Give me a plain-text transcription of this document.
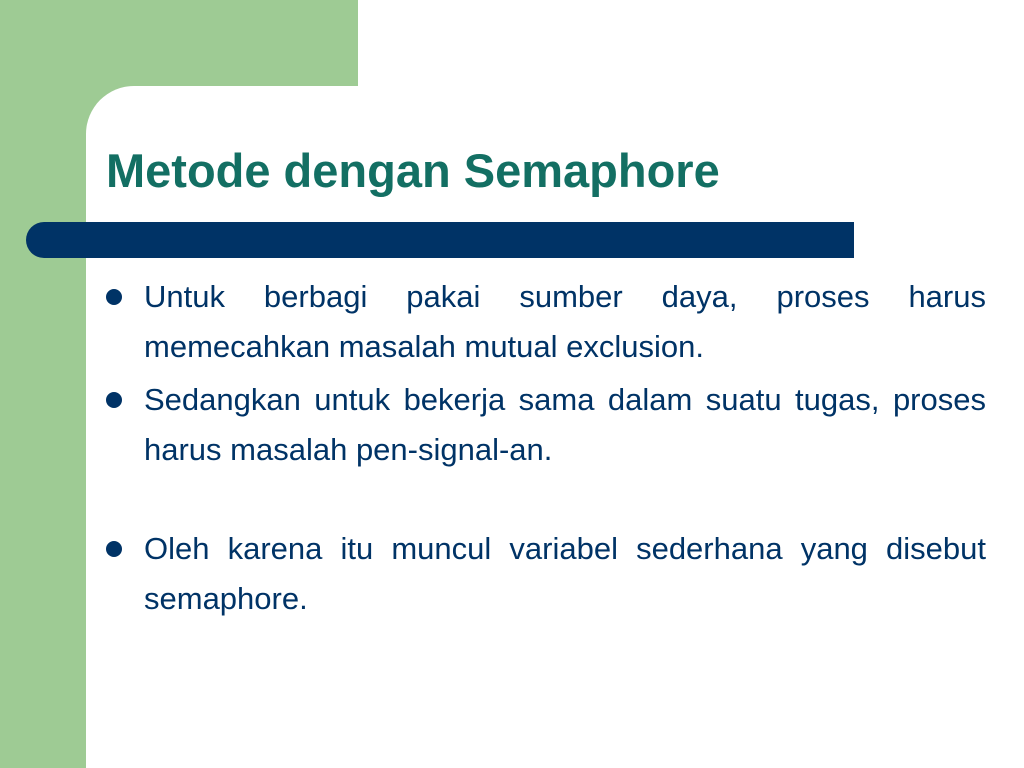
Metode dengan Semaphore
Untuk berbagi pakai sumber daya, proses harus memecahkan masalah mutual exclusion.
Sedangkan untuk bekerja sama dalam suatu tugas, proses harus masalah pen-signal-an.
Oleh karena itu muncul variabel sederhana yang disebut semaphore.
